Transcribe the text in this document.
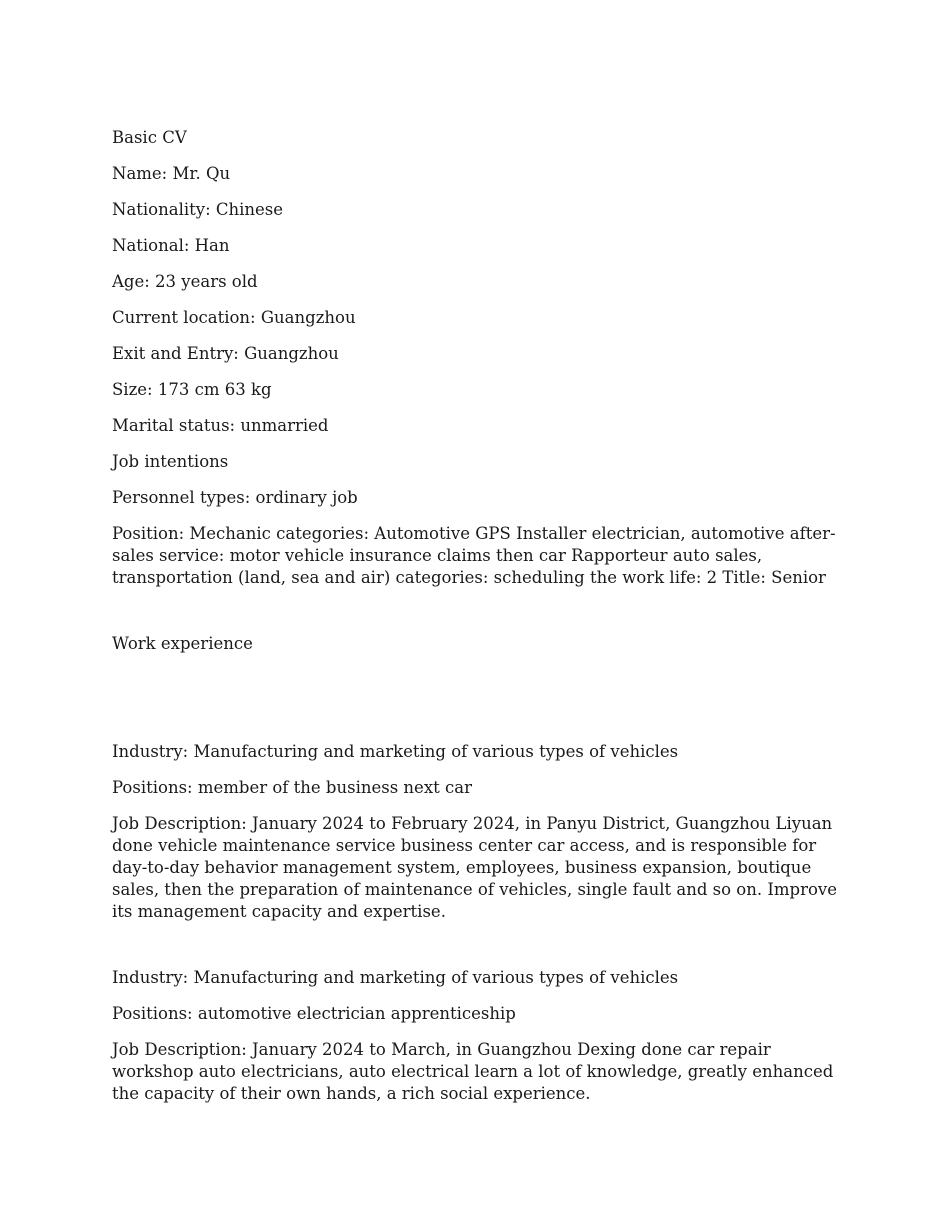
Basic CV

Name: Mr. Qu

Nationality: Chinese

National: Han

Age: 23 years old

Current location: Guangzhou

Exit and Entry: Guangzhou

Size: 173 cm 63 kg

Marital status: unmarried

Job intentions

Personnel types: ordinary job

Position: Mechanic categories: Automotive GPS Installer electrician, automotive after-sales service: motor vehicle insurance claims then car Rapporteur auto sales, transportation (land, sea and air) categories: scheduling the work life: 2 Title: Senior

Work experience

Industry: Manufacturing and marketing of various types of vehicles

Positions: member of the business next car

Job Description: January 2024 to February 2024, in Panyu District, Guangzhou Liyuan done vehicle maintenance service business center car access, and is responsible for day-to-day behavior management system, employees, business expansion, boutique sales, then the preparation of maintenance of vehicles, single fault and so on. Improve its management capacity and expertise.

Industry: Manufacturing and marketing of various types of vehicles

Positions: automotive electrician apprenticeship

Job Description: January 2024 to March, in Guangzhou Dexing done car repair workshop auto electricians, auto electrical learn a lot of knowledge, greatly enhanced the capacity of their own hands, a rich social experience.
